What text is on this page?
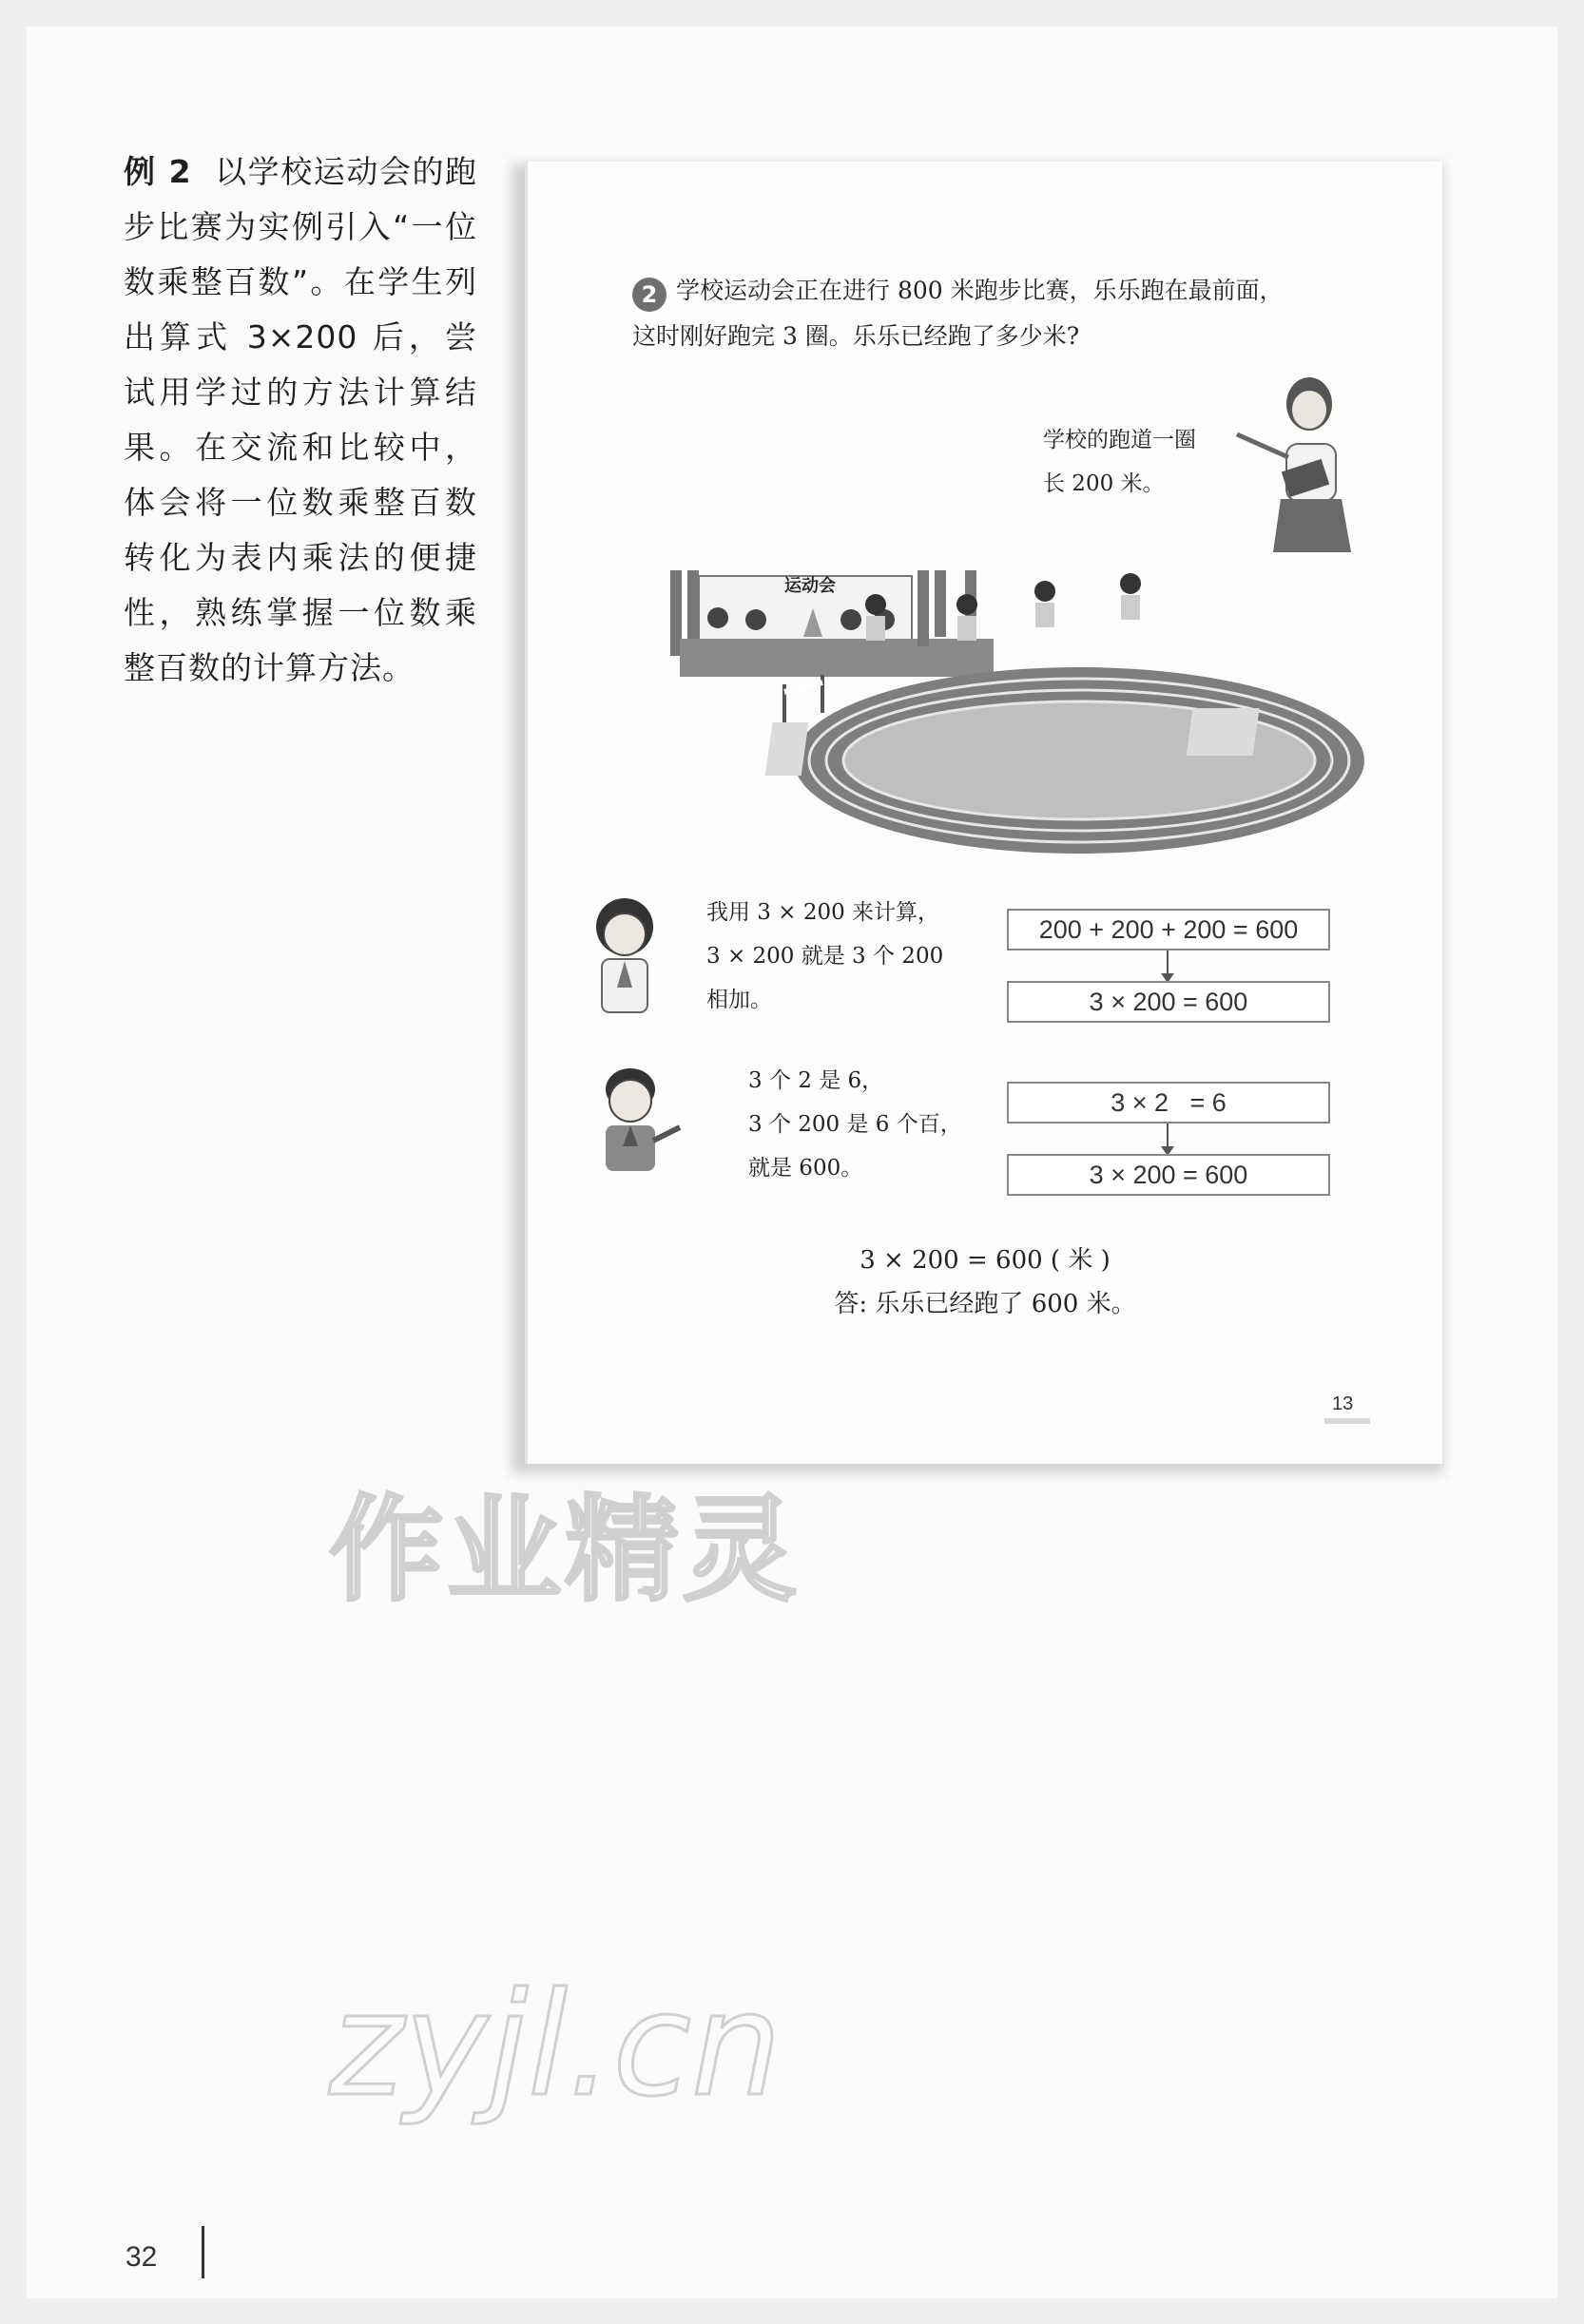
例 2 以学校运动会的跑步比赛为实例引入“一位数乘整百数”。在学生列出算式 3×200 后，尝试用学过的方法计算结果。在交流和比较中，体会将一位数乘整百数转化为表内乘法的便捷性，熟练掌握一位数乘整百数的计算方法。
2 学校运动会正在进行 800 米跑步比赛，乐乐跑在最前面，
这时刚好跑完 3 圈。乐乐已经跑了多少米?
学校的跑道一圈
长 200 米。
运动会
我用 3 × 200 来计算，
3 × 200 就是 3 个 200
相加。
200 + 200 + 200 = 600
3 × 200 = 600
3 个 2 是 6，
3 个 200 是 6 个百，
就是 600。
3 × 2   = 6
3 × 200 = 600
3 × 200 = 600 ( 米 )
答: 乐乐已经跑了 600 米。
13
作业精灵
zyjl.cn
32
